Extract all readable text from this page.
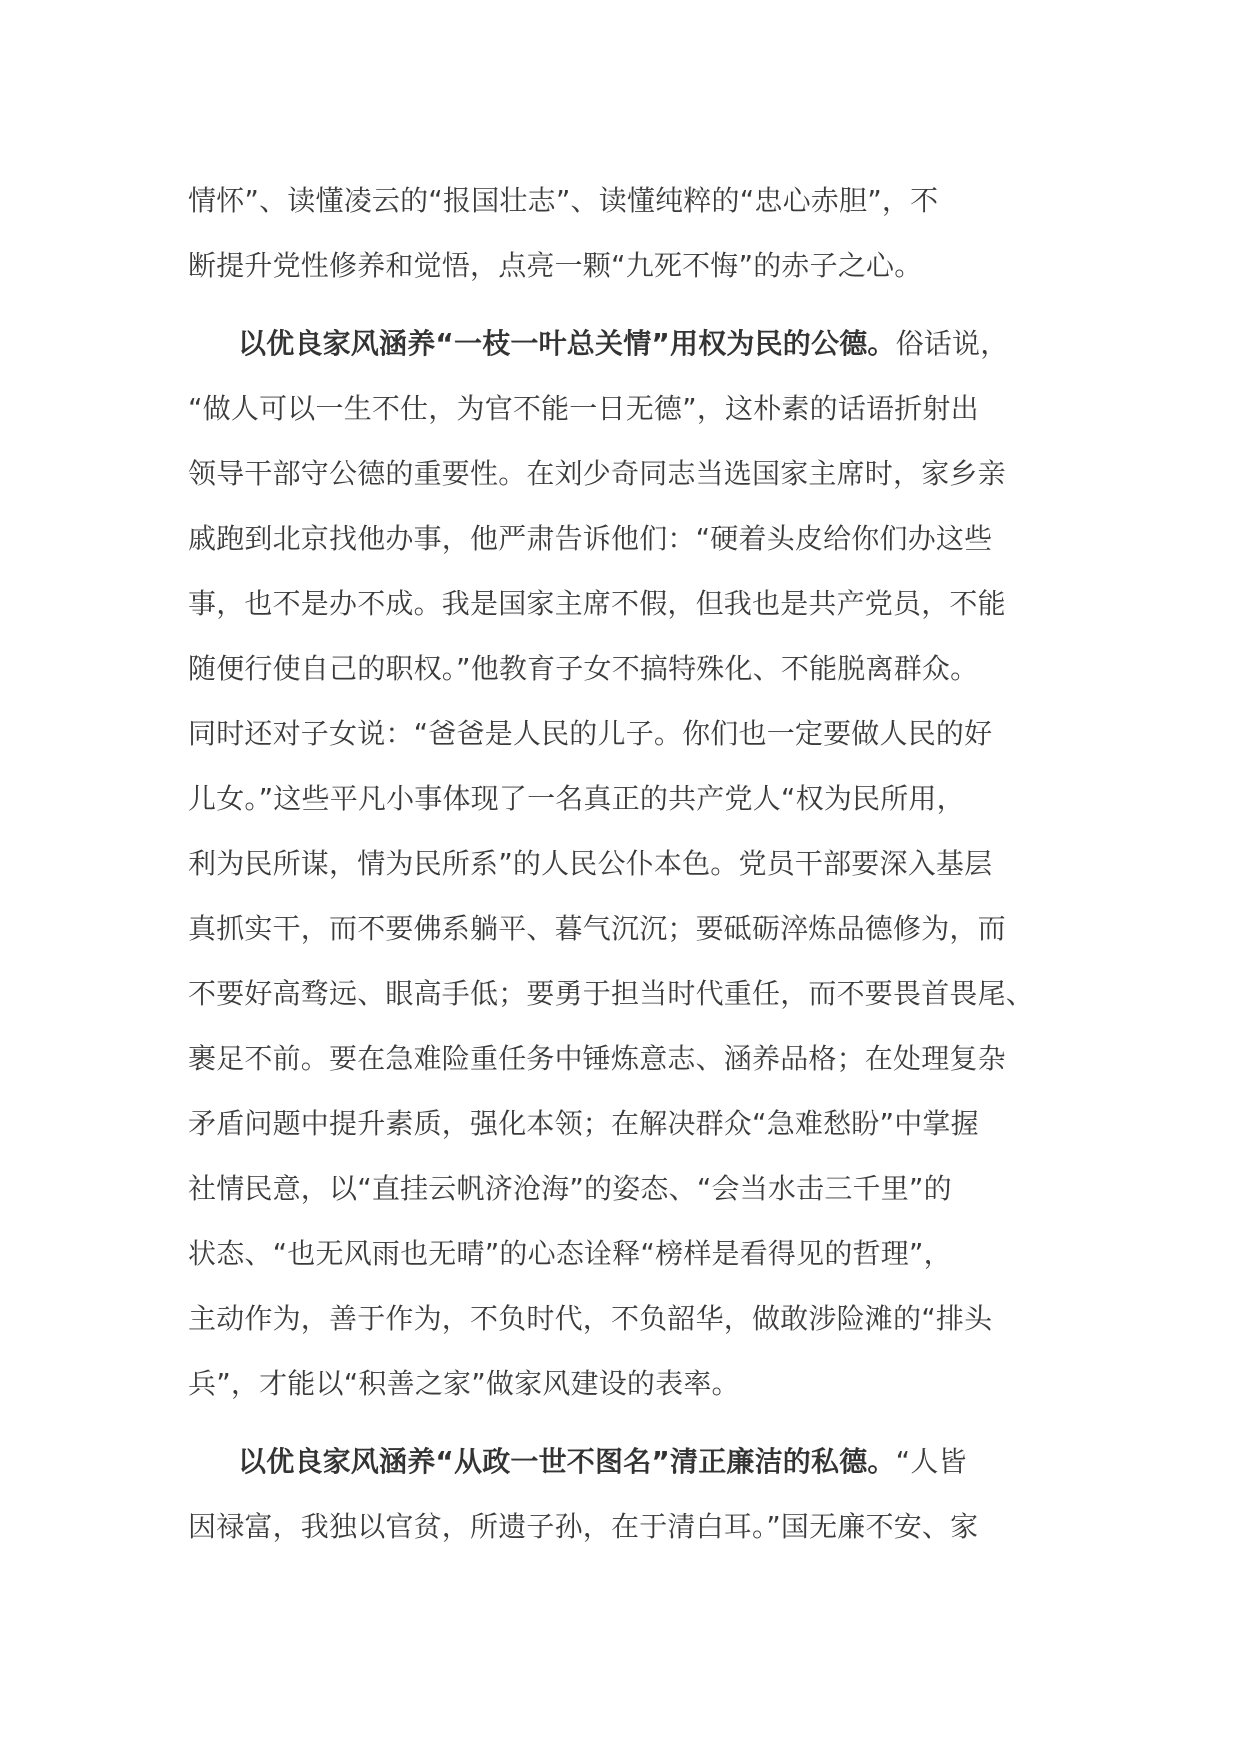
情怀”、读懂凌云的“报国壮志”、读懂纯粹的“忠心赤胆”，不
断提升党性修养和觉悟，点亮一颗“九死不悔”的赤子之心。
以优良家风涵养“一枝一叶总关情”用权为民的公德。俗话说，
“做人可以一生不仕，为官不能一日无德”，这朴素的话语折射出
领导干部守公德的重要性。在刘少奇同志当选国家主席时，家乡亲
戚跑到北京找他办事，他严肃告诉他们：“硬着头皮给你们办这些
事，也不是办不成。我是国家主席不假，但我也是共产党员，不能
随便行使自己的职权。”他教育子女不搞特殊化、不能脱离群众。
同时还对子女说：“爸爸是人民的儿子。你们也一定要做人民的好
儿女。”这些平凡小事体现了一名真正的共产党人“权为民所用，
利为民所谋，情为民所系”的人民公仆本色。党员干部要深入基层
真抓实干，而不要佛系躺平、暮气沉沉；要砥砺淬炼品德修为，而
不要好高骛远、眼高手低；要勇于担当时代重任，而不要畏首畏尾、
裹足不前。要在急难险重任务中锤炼意志、涵养品格；在处理复杂
矛盾问题中提升素质，强化本领；在解决群众“急难愁盼”中掌握
社情民意，以“直挂云帆济沧海”的姿态、“会当水击三千里”的
状态、“也无风雨也无晴”的心态诠释“榜样是看得见的哲理”，
主动作为，善于作为，不负时代，不负韶华，做敢涉险滩的“排头
兵”，才能以“积善之家”做家风建设的表率。
以优良家风涵养“从政一世不图名”清正廉洁的私德。“人皆
因禄富，我独以官贫，所遗子孙，在于清白耳。”国无廉不安、家
